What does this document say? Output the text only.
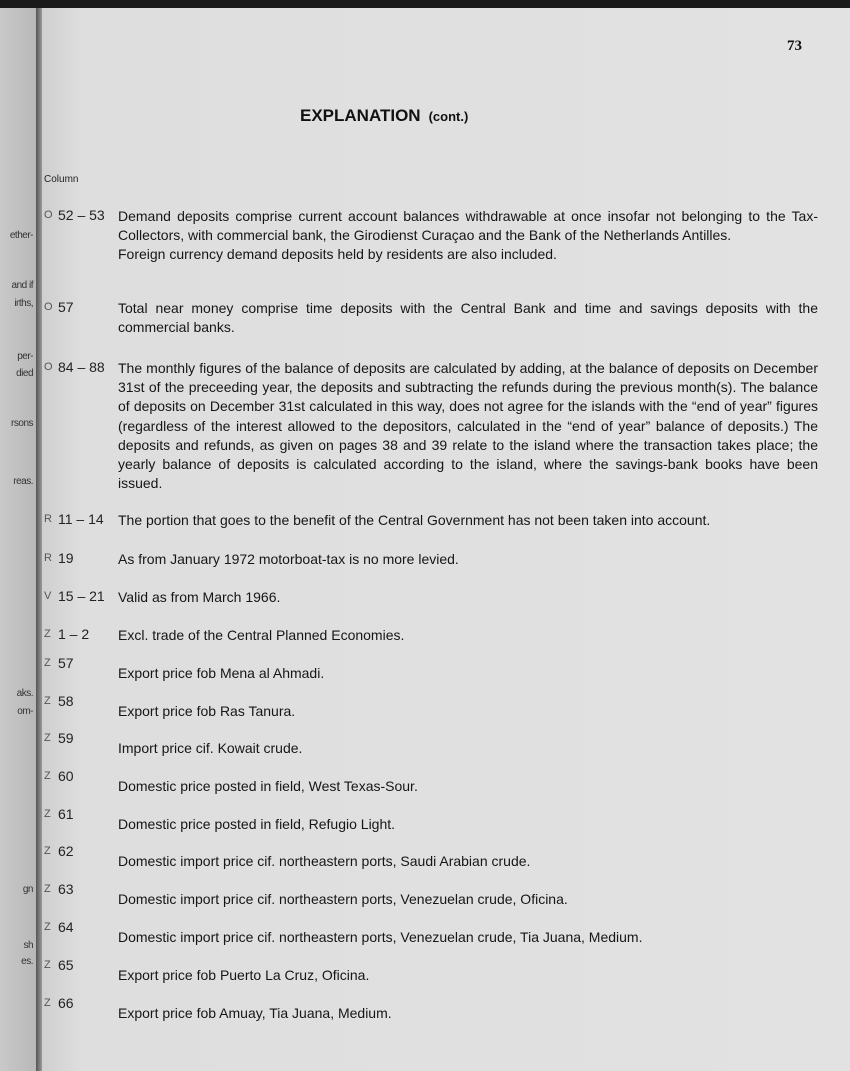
ether-
and if
irths,
per-
died
rsons
reas.
aks.
om-
gn
sh
es.
73
EXPLANATION (cont.)
Column
O 52 – 53 Demand deposits comprise current account balances withdrawable at once insofar not belonging to the Tax-Collectors, with commercial bank, the Girodienst Curaçao and the Bank of the Netherlands Antilles.

Foreign currency demand deposits held by residents are also included.

O 57	Total near money comprise time deposits with the Central Bank and time and savings deposits with the commercial banks.

O 84 – 88 The monthly figures of the balance of deposits are calculated by adding, at the balance of deposits on December 31st of the preceeding year, the deposits and subtracting the refunds during the previous month(s). The balance of deposits on December 31st calculated in this way, does not agree for the islands with the “end of year” figures (regardless of the interest allowed to the depositors, calculated in the “end of year” balance of deposits.) The deposits and refunds, as given on pages 38 and 39 relate to the island where the transaction takes place; the yearly balance of deposits is calculated according to the island, where the savings-bank books have been issued.

R 11 – 14 The portion that goes to the benefit of the Central Government has not been taken into account.

R 19	As from January 1972 motorboat-tax is no more levied.

V 15 – 21 Valid as from March 1966.

Z 1 – 2 Excl. trade of the Central Planned Economies.

Z 57

Export price fob Mena al Ahmadi.

Z 58

Export price fob Ras Tanura.

Z 59

Import price cif. Kowait crude.

Z 60

Domestic price posted in field, West Texas-Sour.

Z 61

Domestic price posted in field, Refugio Light.

Z 62

Domestic import price cif. northeastern ports, Saudi Arabian crude.

Z 63

Domestic import price cif. northeastern ports, Venezuelan crude, Oficina.

Z 64

Domestic import price cif. northeastern ports, Venezuelan crude, Tia Juana, Medium.

Z 65

Export price fob Puerto La Cruz, Oficina.

Z 66

Export price fob Amuay, Tia Juana, Medium.
